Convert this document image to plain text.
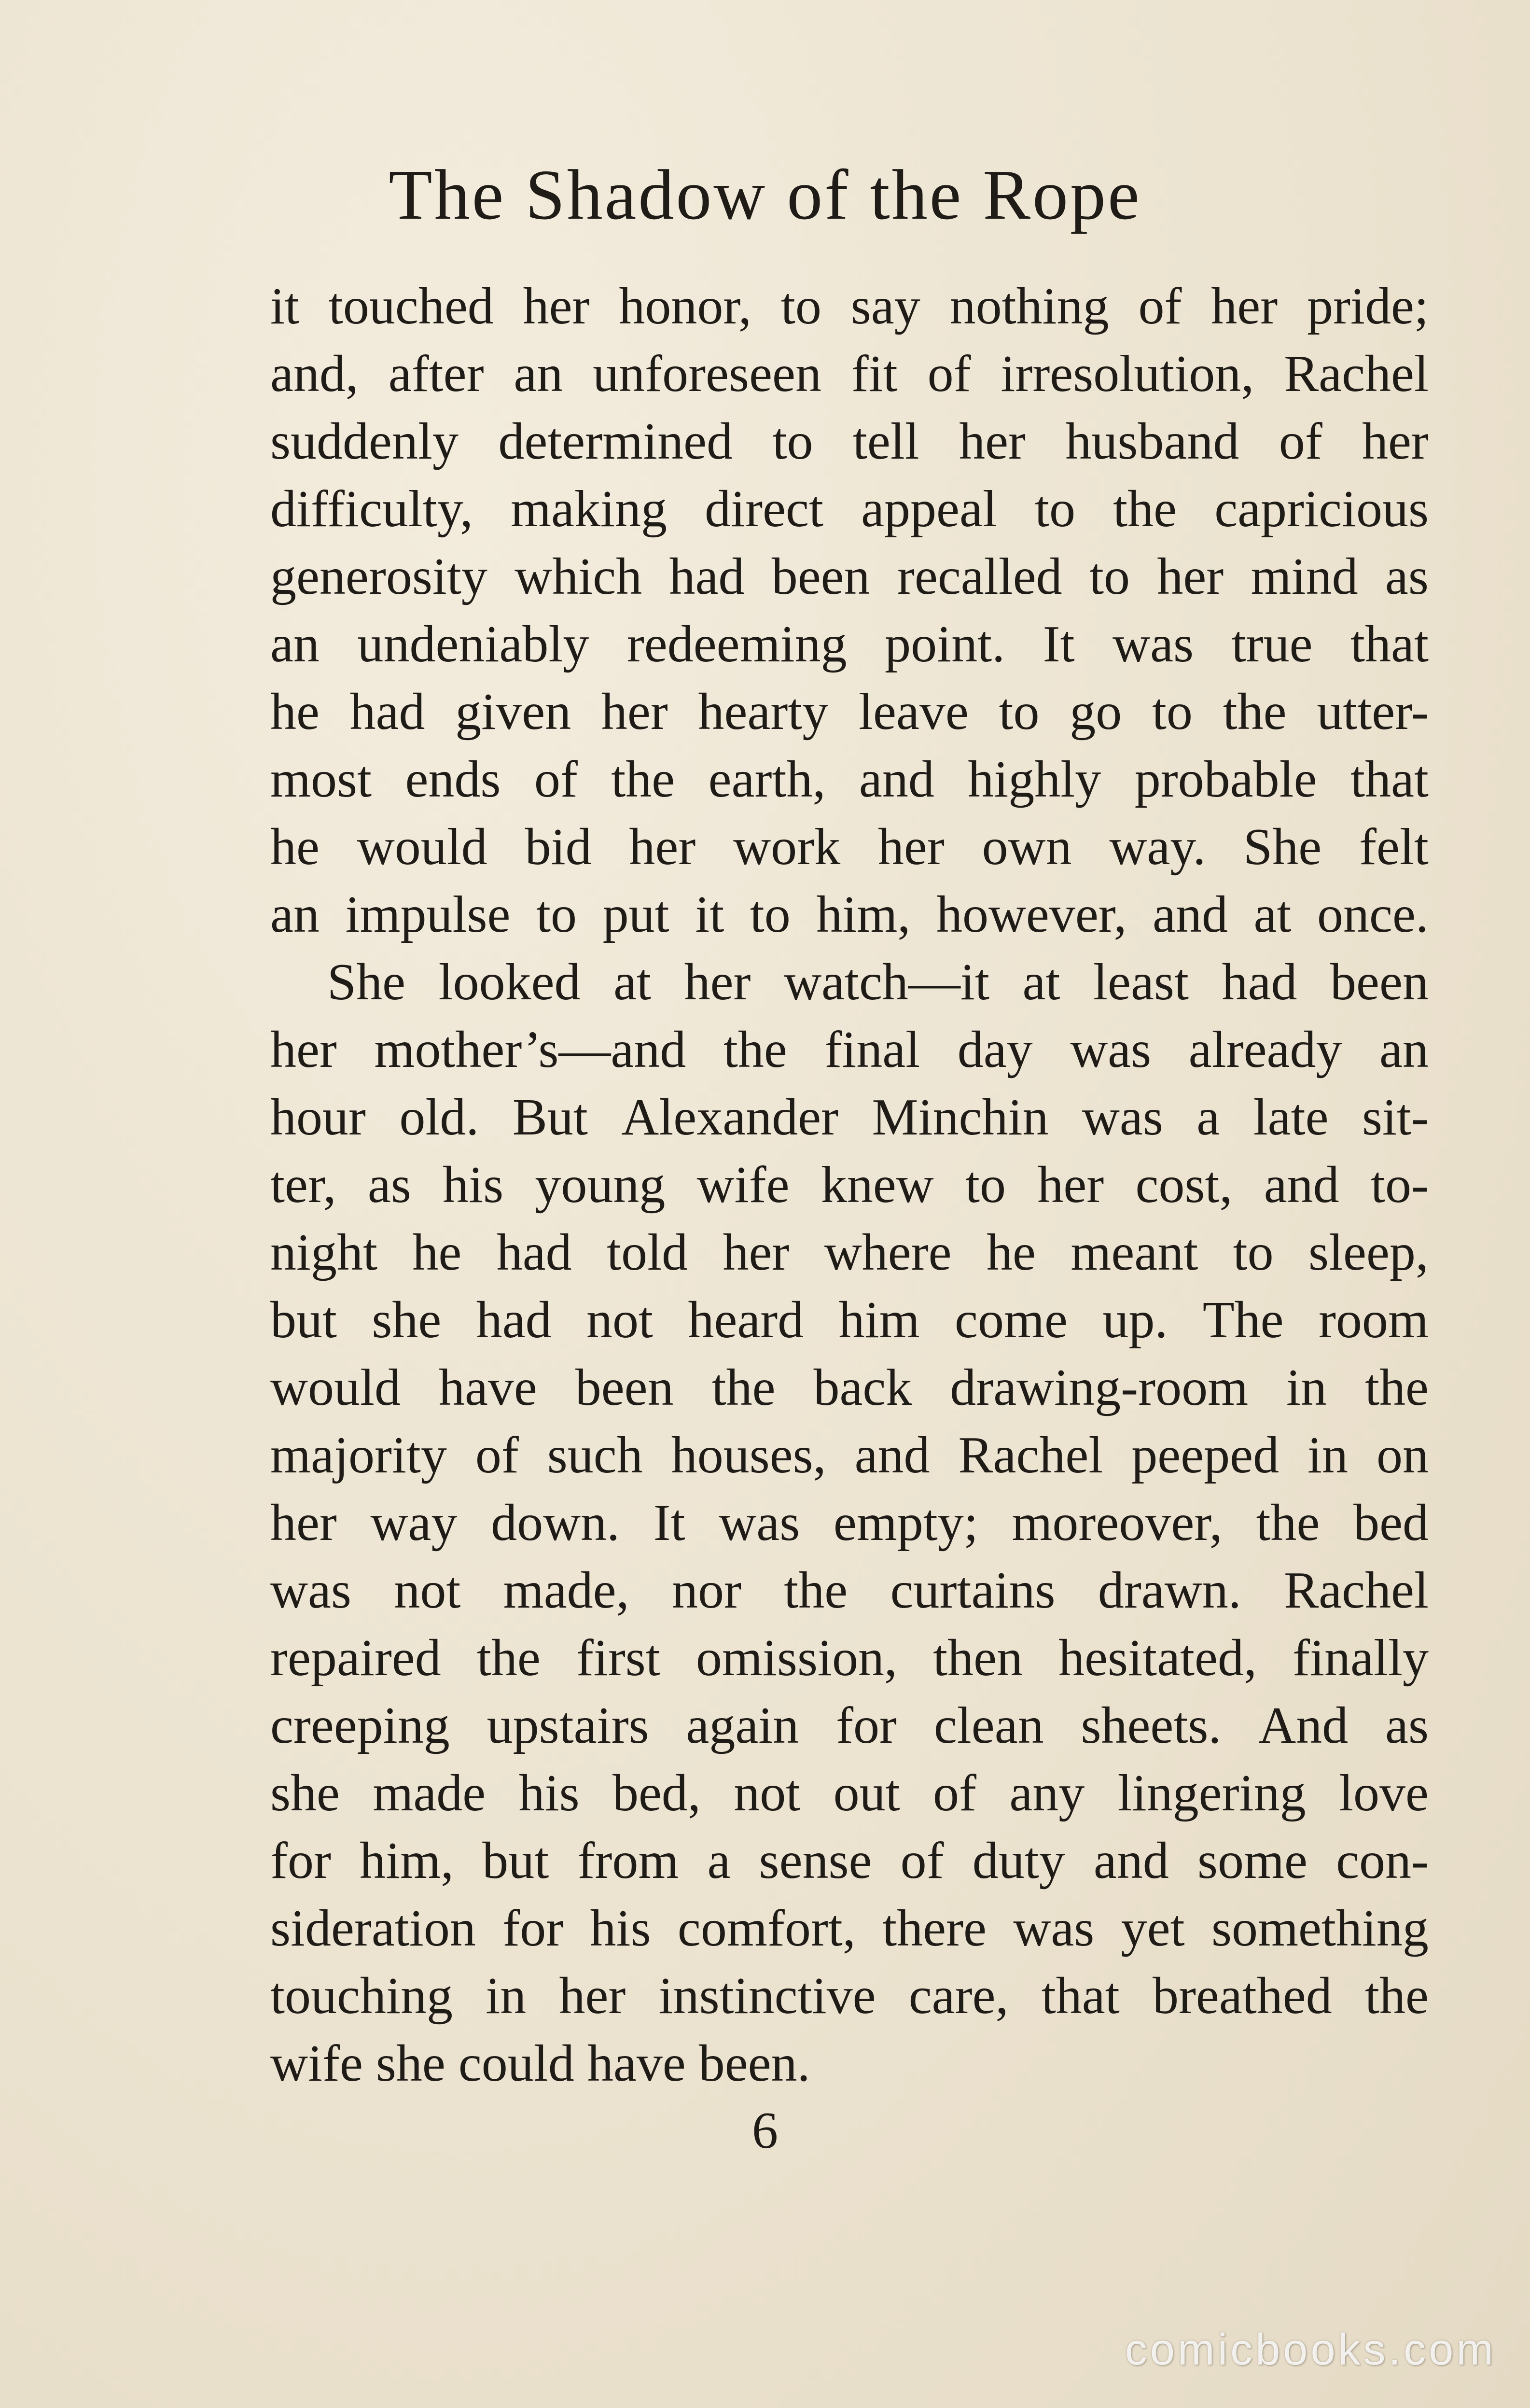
The Shadow of the Rope
it touched her honor, to say nothing of her pride;
and, after an unforeseen fit of irresolution, Rachel
suddenly determined to tell her husband of her
difficulty, making direct appeal to the capricious
generosity which had been recalled to her mind as
an undeniably redeeming point. It was true that
he had given her hearty leave to go to the utter-
most ends of the earth, and highly probable that
he would bid her work her own way. She felt
an impulse to put it to him, however, and at once.
She looked at her watch—it at least had been
her mother’s—and the final day was already an
hour old. But Alexander Minchin was a late sit-
ter, as his young wife knew to her cost, and to-
night he had told her where he meant to sleep,
but she had not heard him come up. The room
would have been the back drawing-room in the
majority of such houses, and Rachel peeped in on
her way down. It was empty; moreover, the bed
was not made, nor the curtains drawn. Rachel
repaired the first omission, then hesitated, finally
creeping upstairs again for clean sheets. And as
she made his bed, not out of any lingering love
for him, but from a sense of duty and some con-
sideration for his comfort, there was yet something
touching in her instinctive care, that breathed the
wife
she
could
have
been.
6
comicbooks.com
